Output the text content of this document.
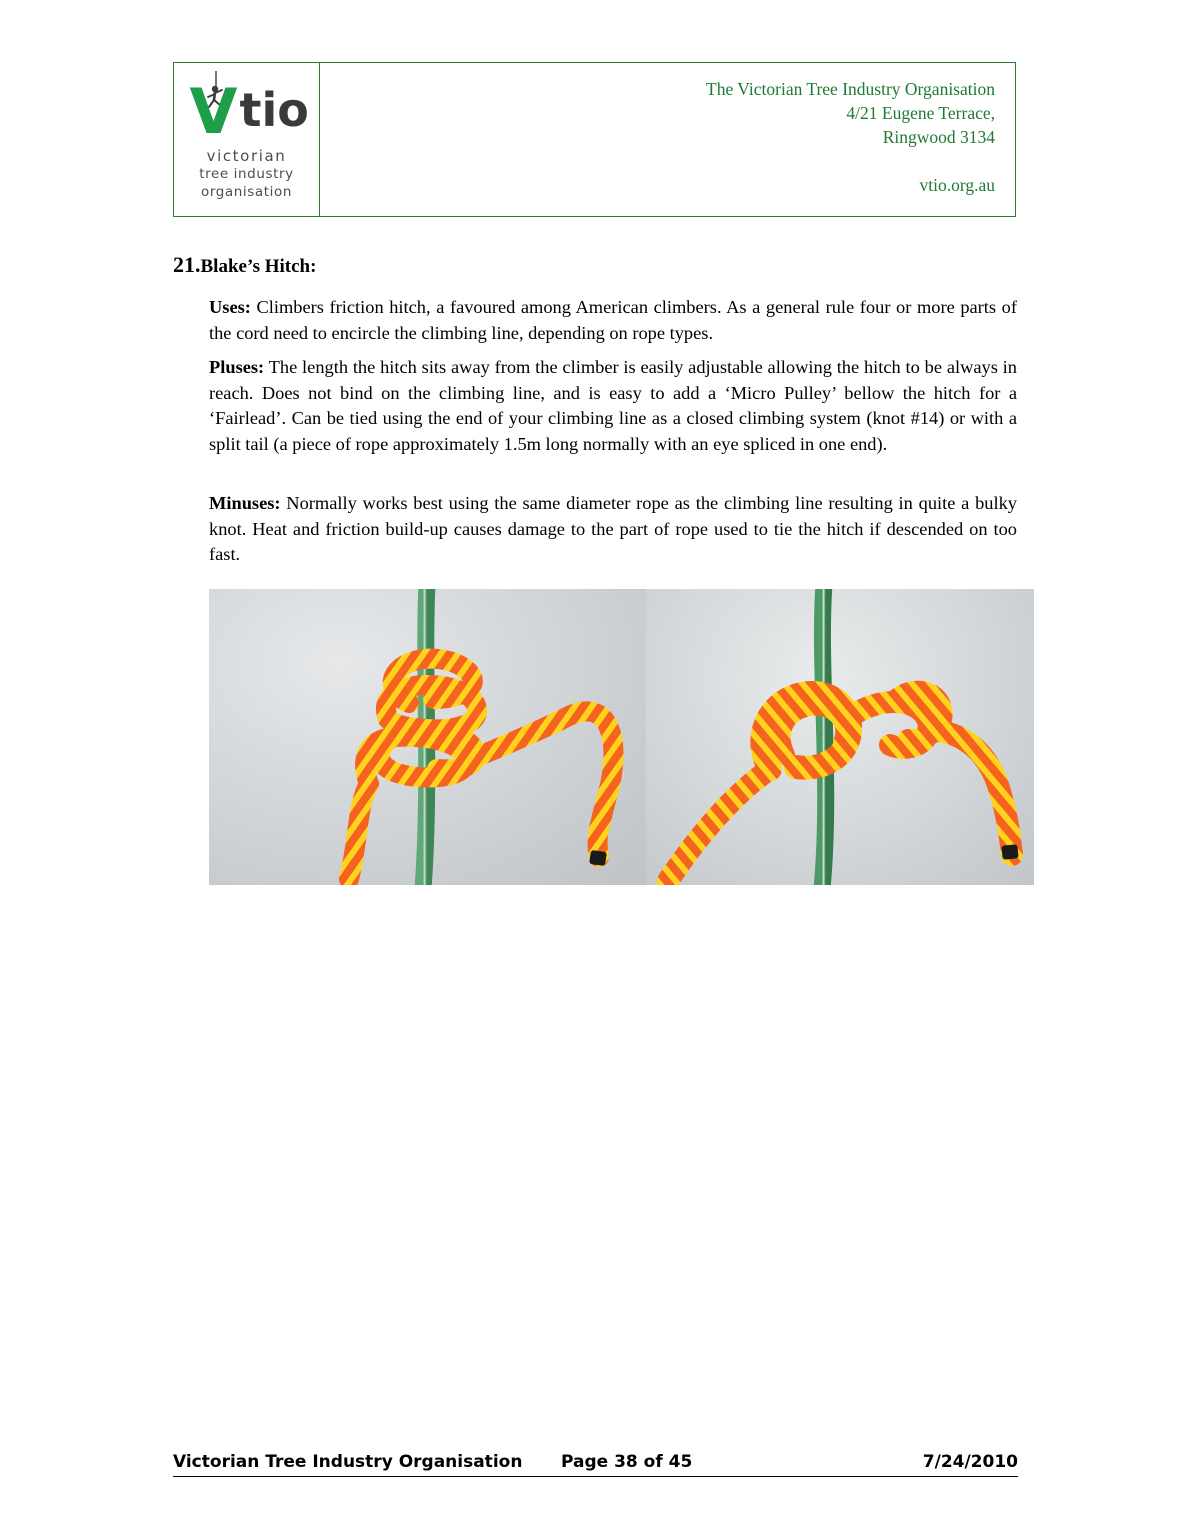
V tio
victorian
tree industry
organisation
The Victorian Tree Industry Organisation
4/21 Eugene Terrace,
Ringwood 3134
vtio.org.au
21.Blake’s Hitch:
Uses: Climbers friction hitch, a favoured among American climbers. As a general rule four or more parts of the cord need to encircle the climbing line, depending on rope types.
Pluses: The length the hitch sits away from the climber is easily adjustable allowing the hitch to be always in reach. Does not bind on the climbing line, and is easy to add a ‘Micro Pulley’ bellow the hitch for a ‘Fairlead’. Can be tied using the end of your climbing line as a closed climbing system (knot #14) or with a split tail (a piece of rope approximately 1.5m long normally with an eye spliced in one end).
Minuses: Normally works best using the same diameter rope as the climbing line resulting in quite a bulky knot. Heat and friction build-up causes damage to the part of rope used to tie the hitch if descended on too fast.
Victorian Tree Industry Organisation	Page 38 of 45	7/24/2010
